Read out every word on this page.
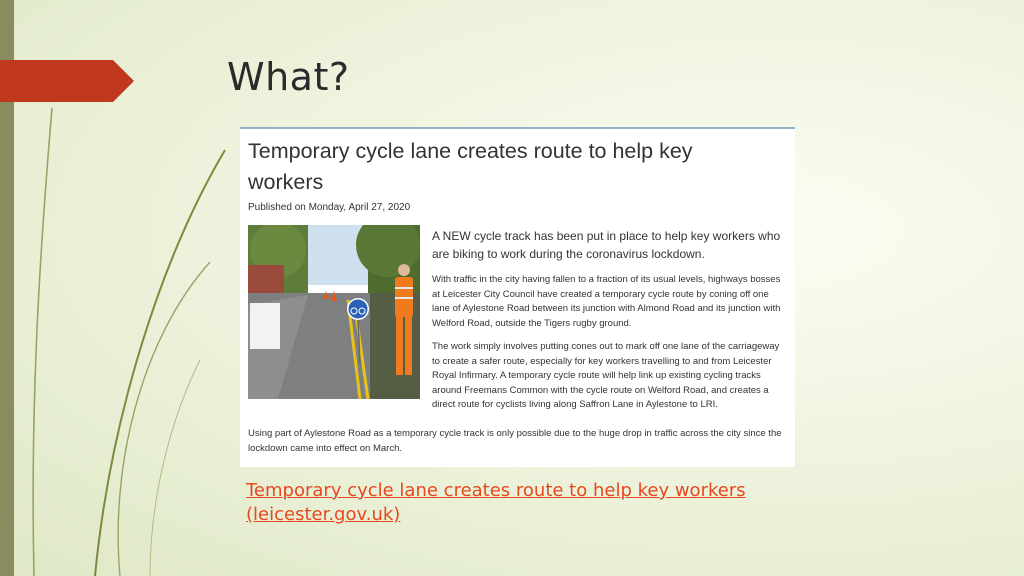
What?
Temporary cycle lane creates route to help key workers
Published on Monday, April 27, 2020

A NEW cycle track has been put in place to help key workers who are biking to work during the coronavirus lockdown.

With traffic in the city having fallen to a fraction of its usual levels, highways bosses at Leicester City Council have created a temporary cycle route by coning off one lane of Aylestone Road between its junction with Almond Road and its junction with Welford Road, outside the Tigers rugby ground.

The work simply involves putting cones out to mark off one lane of the carriageway to create a safer route, especially for key workers travelling to and from Leicester Royal Infirmary. A temporary cycle route will help link up existing cycling tracks around Freemans Common with the cycle route on Welford Road, and creates a direct route for cyclists living along Saffron Lane in Aylestone to LRI.

Using part of Aylestone Road as a temporary cycle track is only possible due to the huge drop in traffic across the city since the lockdown came into effect on March.

Temporary cycle lane creates route to help key workers (leicester.gov.uk)
